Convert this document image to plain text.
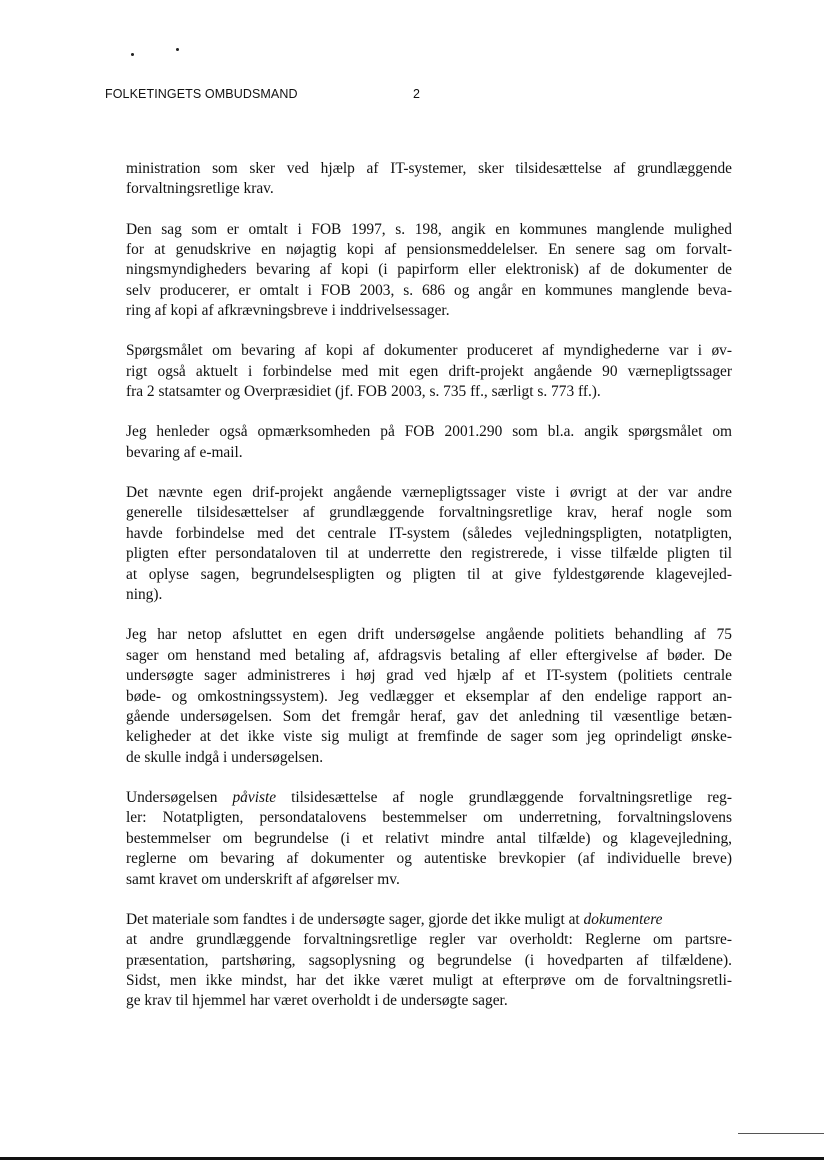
FOLKETINGETS OMBUDSMAND	2

ministration som sker ved hjælp af IT-systemer, sker tilsidesættelse af grundlæggende
forvaltningsretlige krav.

Den sag som er omtalt i FOB 1997, s. 198, angik en kommunes manglende mulighed
for at genudskrive en nøjagtig kopi af pensionsmeddelelser. En senere sag om forvalt-
ningsmyndigheders bevaring af kopi (i papirform eller elektronisk) af de dokumenter de
selv producerer, er omtalt i FOB 2003, s. 686 og angår en kommunes manglende beva-
ring af kopi af afkrævningsbreve i inddrivelsessager.

Spørgsmålet om bevaring af kopi af dokumenter produceret af myndighederne var i øv-
rigt også aktuelt i forbindelse med mit egen drift-projekt angående 90 værnepligtssager
fra 2 statsamter og Overpræsidiet (jf. FOB 2003, s. 735 ff., særligt s. 773 ff.).

Jeg henleder også opmærksomheden på FOB 2001.290 som bl.a. angik spørgsmålet om
bevaring af e-mail.

Det nævnte egen drif-projekt angående værnepligtssager viste i øvrigt at der var andre
generelle tilsidesættelser af grundlæggende forvaltningsretlige krav, heraf nogle som
havde forbindelse med det centrale IT-system (således vejledningspligten, notatpligten,
pligten efter persondataloven til at underrette den registrerede, i visse tilfælde pligten til
at oplyse sagen, begrundelsespligten og pligten til at give fyldestgørende klagevejled-
ning).

Jeg har netop afsluttet en egen drift undersøgelse angående politiets behandling af 75
sager om henstand med betaling af, afdragsvis betaling af eller eftergivelse af bøder. De
undersøgte sager administreres i høj grad ved hjælp af et IT-system (politiets centrale
bøde- og omkostningssystem). Jeg vedlægger et eksemplar af den endelige rapport an-
gående undersøgelsen. Som det fremgår heraf, gav det anledning til væsentlige betæn-
keligheder at det ikke viste sig muligt at fremfinde de sager som jeg oprindeligt ønske-
de skulle indgå i undersøgelsen.

Undersøgelsen påviste tilsidesættelse af nogle grundlæggende forvaltningsretlige reg-
ler: Notatpligten, persondatalovens bestemmelser om underretning, forvaltningslovens
bestemmelser om begrundelse (i et relativt mindre antal tilfælde) og klagevejledning,
reglerne om bevaring af dokumenter og autentiske brevkopier (af individuelle breve)
samt kravet om underskrift af afgørelser mv.

Det materiale som fandtes i de undersøgte sager, gjorde det ikke muligt at dokumentere
at andre grundlæggende forvaltningsretlige regler var overholdt: Reglerne om partsre-
præsentation, partshøring, sagsoplysning og begrundelse (i hovedparten af tilfældene).
Sidst, men ikke mindst, har det ikke været muligt at efterprøve om de forvaltningsretli-
ge krav til hjemmel har været overholdt i de undersøgte sager.
